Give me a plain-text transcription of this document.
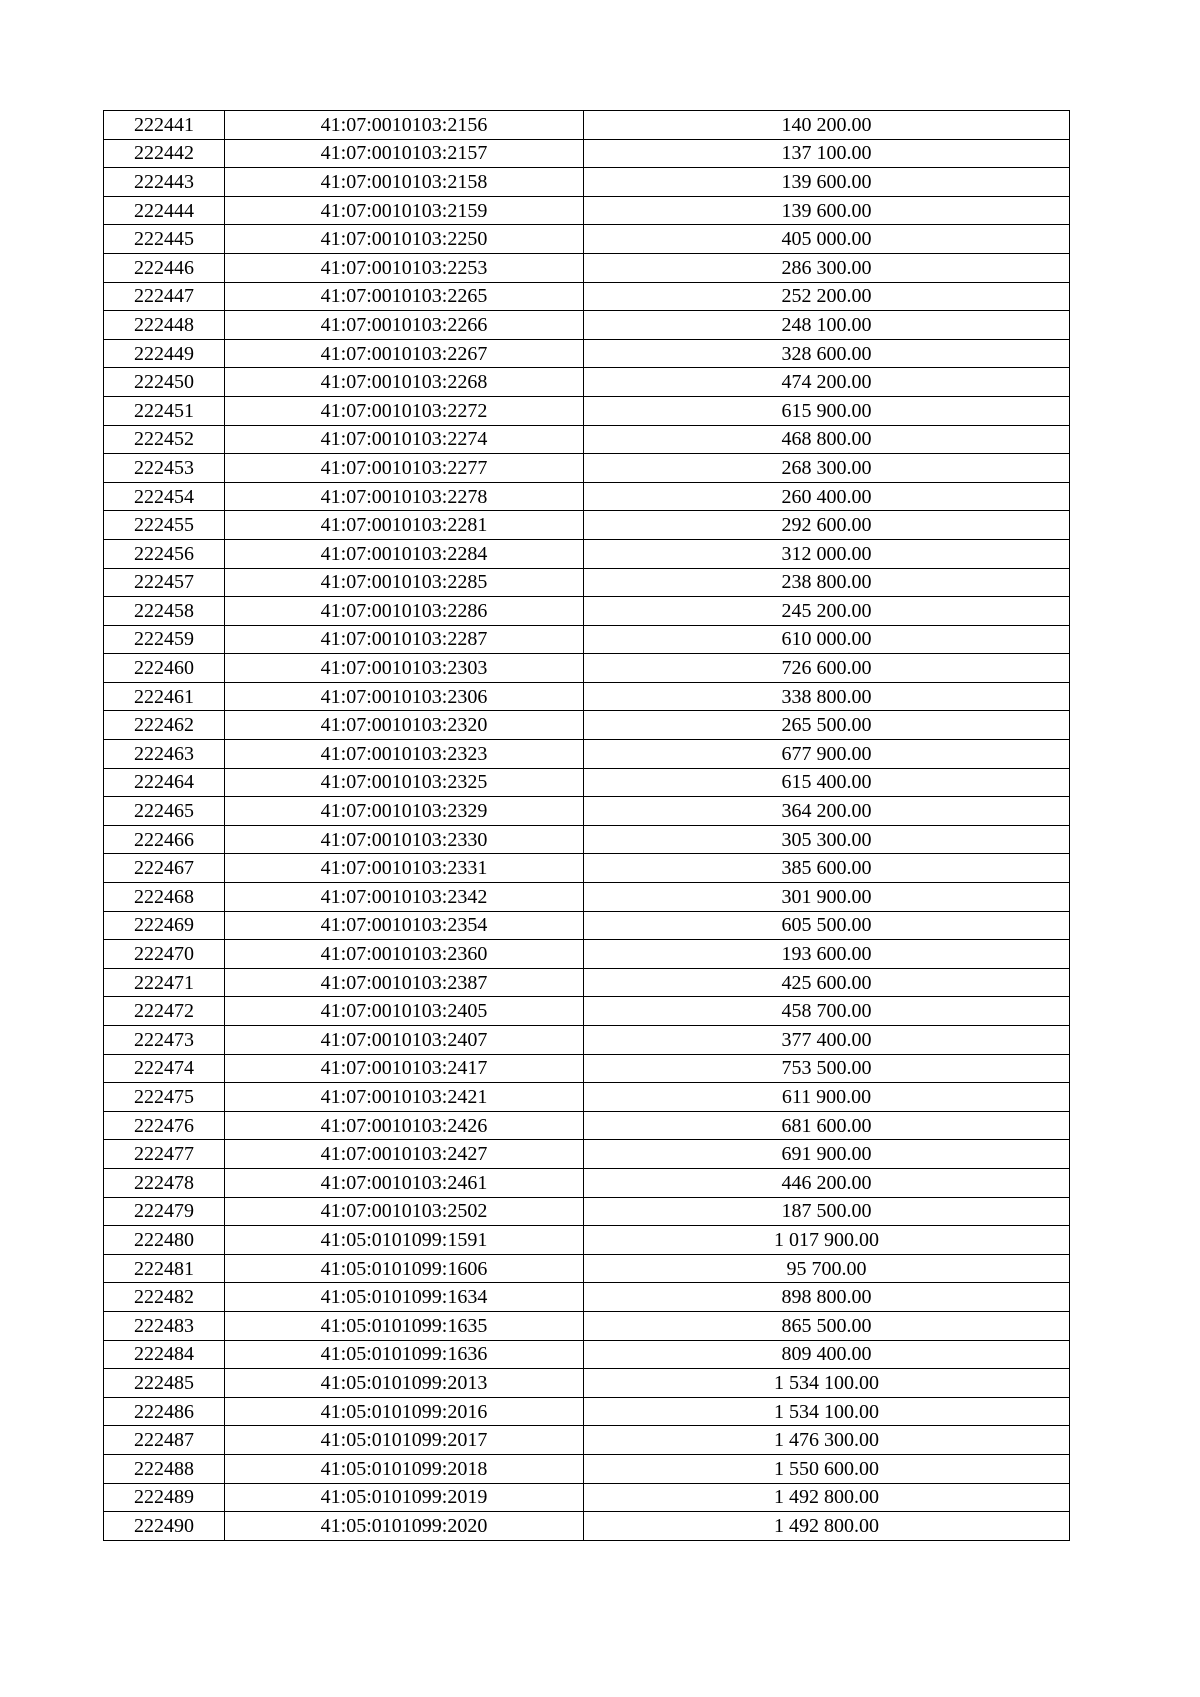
222441	41:07:0010103:2156	140 200.00
222442	41:07:0010103:2157	137 100.00
222443	41:07:0010103:2158	139 600.00
222444	41:07:0010103:2159	139 600.00
222445	41:07:0010103:2250	405 000.00
222446	41:07:0010103:2253	286 300.00
222447	41:07:0010103:2265	252 200.00
222448	41:07:0010103:2266	248 100.00
222449	41:07:0010103:2267	328 600.00
222450	41:07:0010103:2268	474 200.00
222451	41:07:0010103:2272	615 900.00
222452	41:07:0010103:2274	468 800.00
222453	41:07:0010103:2277	268 300.00
222454	41:07:0010103:2278	260 400.00
222455	41:07:0010103:2281	292 600.00
222456	41:07:0010103:2284	312 000.00
222457	41:07:0010103:2285	238 800.00
222458	41:07:0010103:2286	245 200.00
222459	41:07:0010103:2287	610 000.00
222460	41:07:0010103:2303	726 600.00
222461	41:07:0010103:2306	338 800.00
222462	41:07:0010103:2320	265 500.00
222463	41:07:0010103:2323	677 900.00
222464	41:07:0010103:2325	615 400.00
222465	41:07:0010103:2329	364 200.00
222466	41:07:0010103:2330	305 300.00
222467	41:07:0010103:2331	385 600.00
222468	41:07:0010103:2342	301 900.00
222469	41:07:0010103:2354	605 500.00
222470	41:07:0010103:2360	193 600.00
222471	41:07:0010103:2387	425 600.00
222472	41:07:0010103:2405	458 700.00
222473	41:07:0010103:2407	377 400.00
222474	41:07:0010103:2417	753 500.00
222475	41:07:0010103:2421	611 900.00
222476	41:07:0010103:2426	681 600.00
222477	41:07:0010103:2427	691 900.00
222478	41:07:0010103:2461	446 200.00
222479	41:07:0010103:2502	187 500.00
222480	41:05:0101099:1591	1 017 900.00
222481	41:05:0101099:1606	95 700.00
222482	41:05:0101099:1634	898 800.00
222483	41:05:0101099:1635	865 500.00
222484	41:05:0101099:1636	809 400.00
222485	41:05:0101099:2013	1 534 100.00
222486	41:05:0101099:2016	1 534 100.00
222487	41:05:0101099:2017	1 476 300.00
222488	41:05:0101099:2018	1 550 600.00
222489	41:05:0101099:2019	1 492 800.00
222490	41:05:0101099:2020	1 492 800.00
